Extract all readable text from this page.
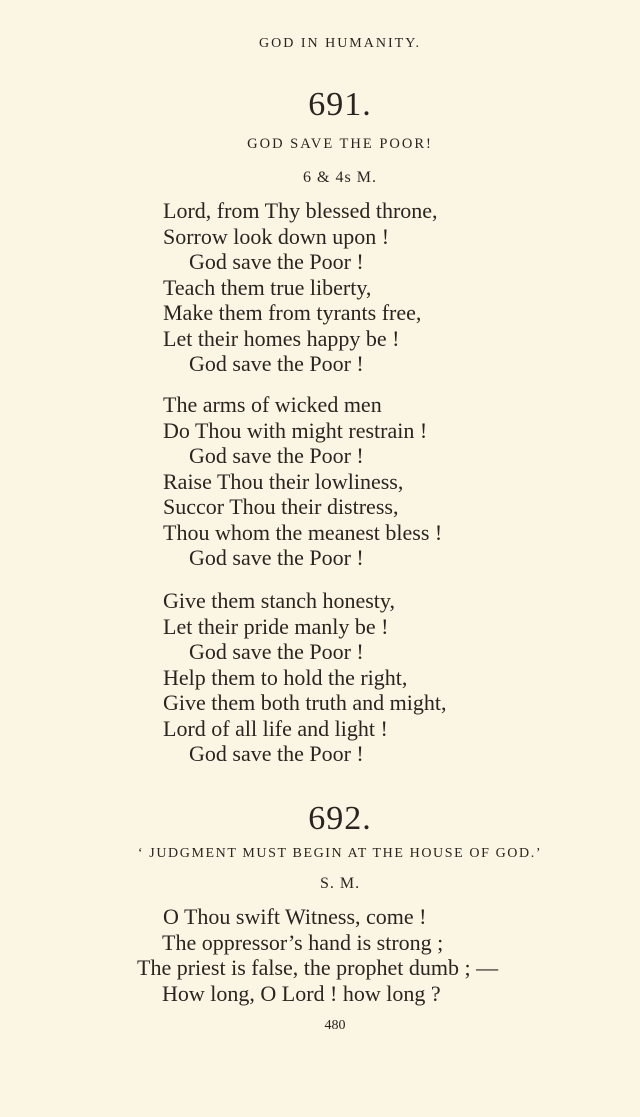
GOD IN HUMANITY.
691.
GOD SAVE THE POOR!
6 & 4s M.
Lord, from Thy blessed throne,
Sorrow look down upon !
God save the Poor !
Teach them true liberty,
Make them from tyrants free,
Let their homes happy be !
God save the Poor !
The arms of wicked men
Do Thou with might restrain !
God save the Poor !
Raise Thou their lowliness,
Succor Thou their distress,
Thou whom the meanest bless !
God save the Poor !
Give them stanch honesty,
Let their pride manly be !
God save the Poor !
Help them to hold the right,
Give them both truth and might,
Lord of all life and light !
God save the Poor !
692.
‘ JUDGMENT MUST BEGIN AT THE HOUSE OF GOD.’
S. M.
O Thou swift Witness, come !
The oppressor’s hand is strong ;
The priest is false, the prophet dumb ; —
How long, O Lord ! how long ?
480
